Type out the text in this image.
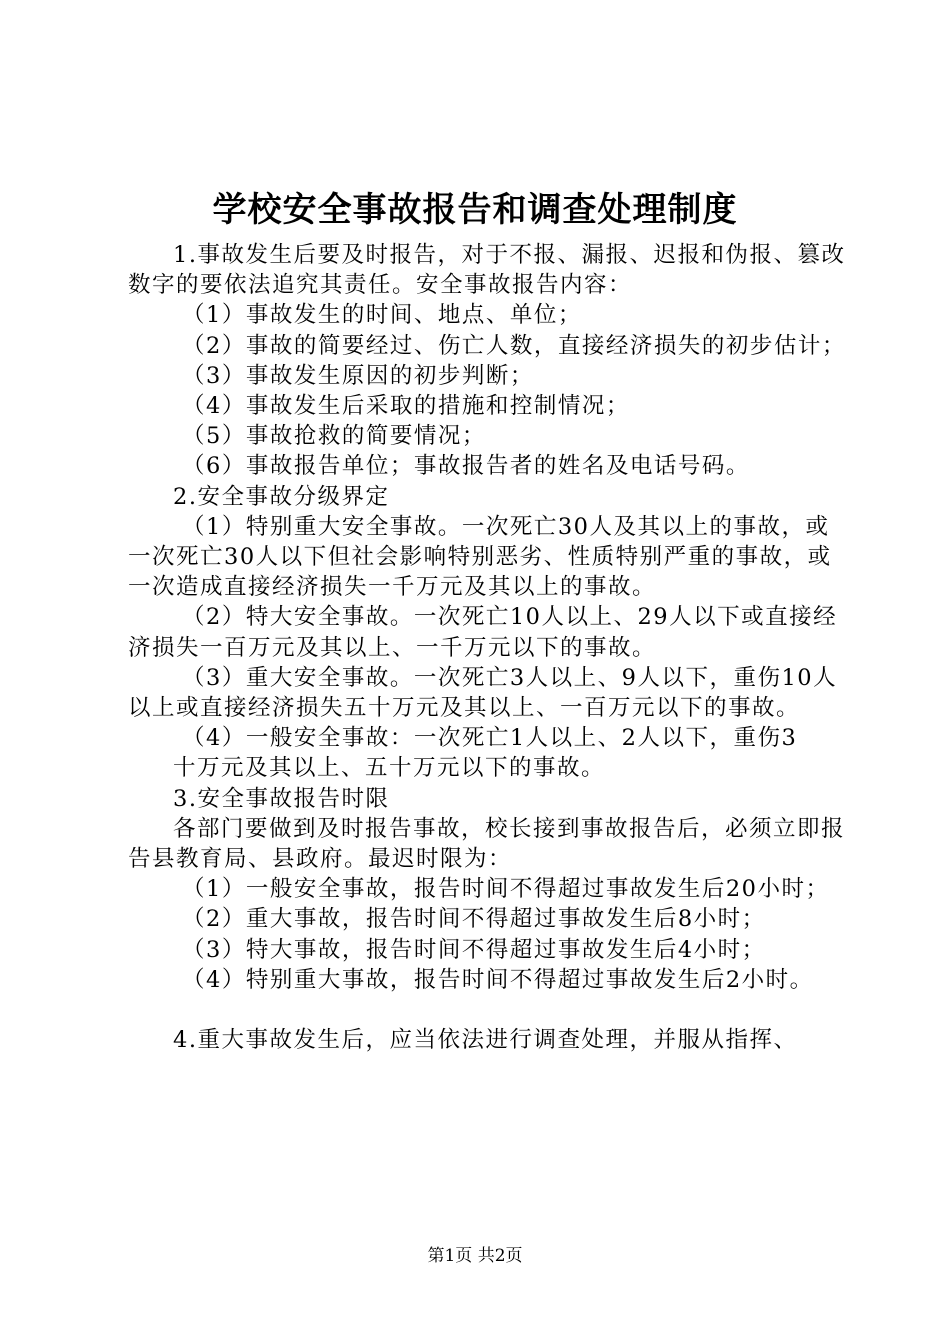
学校安全事故报告和调查处理制度

1.事故发生后要及时报告，对于不报、漏报、迟报和伪报、篡改数字的要依法追究其责任。安全事故报告内容：

（1）事故发生的时间、地点、单位；

（2）事故的简要经过、伤亡人数，直接经济损失的初步估计；

（3）事故发生原因的初步判断；

（4）事故发生后采取的措施和控制情况；

（5）事故抢救的简要情况；

（6）事故报告单位；事故报告者的姓名及电话号码。

2.安全事故分级界定

（1）特别重大安全事故。一次死亡30人及其以上的事故，或一次死亡30人以下但社会影响特别恶劣、性质特别严重的事故，或一次造成直接经济损失一千万元及其以上的事故。

（2）特大安全事故。一次死亡10人以上、29人以下或直接经济损失一百万元及其以上、一千万元以下的事故。

（3）重大安全事故。一次死亡3人以上、9人以下，重伤10人以上或直接经济损失五十万元及其以上、一百万元以下的事故。

（4）一般安全事故：一次死亡1人以上、2人以下，重伤3

十万元及其以上、五十万元以下的事故。

3.安全事故报告时限

各部门要做到及时报告事故，校长接到事故报告后，必须立即报告县教育局、县政府。最迟时限为：

（1）一般安全事故，报告时间不得超过事故发生后20小时；

（2）重大事故，报告时间不得超过事故发生后8小时；

（3）特大事故，报告时间不得超过事故发生后4小时；

（4）特别重大事故，报告时间不得超过事故发生后2小时。

4.重大事故发生后，应当依法进行调查处理，并服从指挥、

第1页 共2页
